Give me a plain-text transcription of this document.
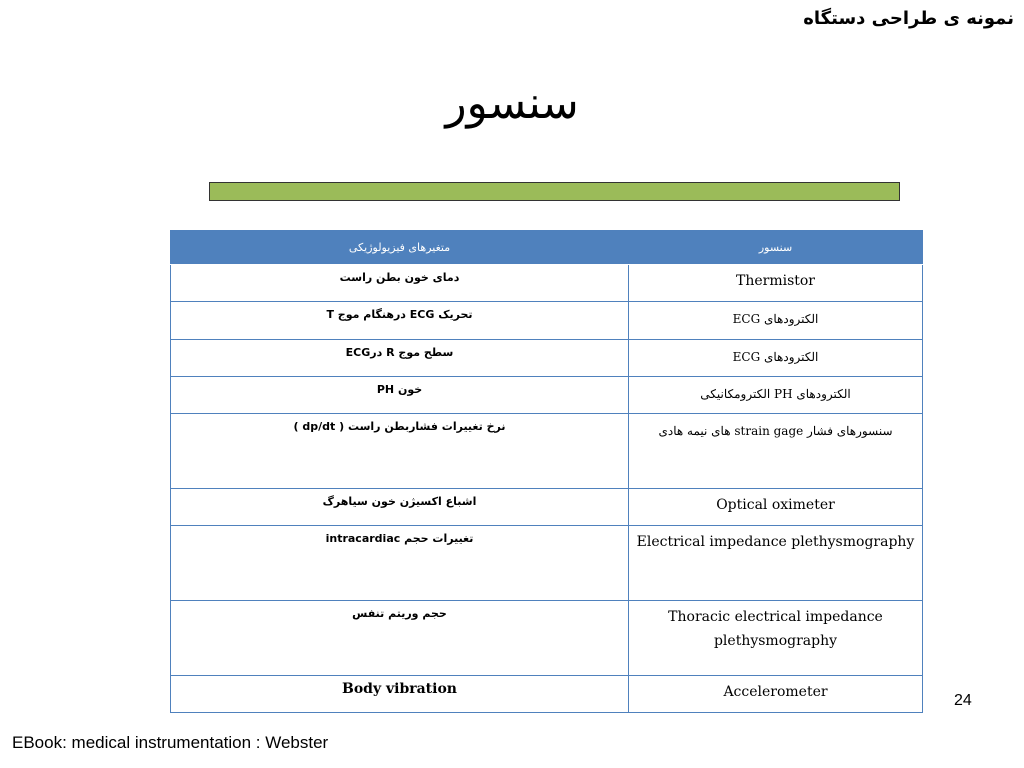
نمونه ی طراحی دستگاه
سنسور
متغیرهای فیزیولوژیکی	سنسور
دمای خون بطن راست	Thermistor
تحریک ECG درهنگام موج T	ECG الکترودهای
سطح موج R درECG	ECG الکترودهای
PH خون	الکترودهای PH الکترومکانیکی
نرخ تغییرات فشاربطن راست ( dp/dt )	سنسورهای فشار strain gage های نیمه هادی
اشباع اکسیژن خون سیاهرگ	Optical oximeter
تغییرات حجم intracardiac	Electrical impedance plethysmography
حجم وریتم تنفس	Thoracic electrical impedance plethysmography
Body vibration	Accelerometer	24
EBook: medical instrumentation : Webster
